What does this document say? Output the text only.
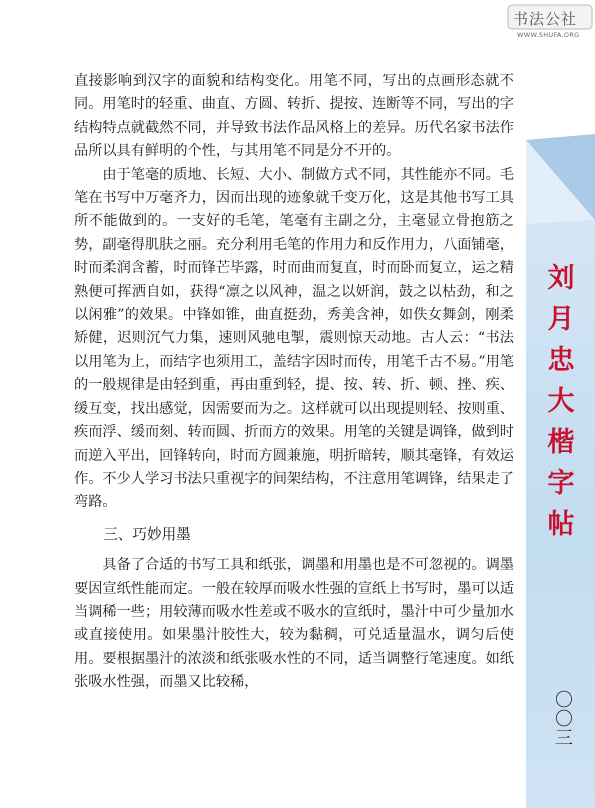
书法公社
WWW.SHUFA.ORG
刘
月
忠
大
楷
字
帖
〇〇三

直接影响到汉字的面貌和结构变化。用笔不同，写出的点画形态就不同。用笔时的轻重、曲直、方圆、转折、提按、连断等不同，写出的字结构特点就截然不同，并导致书法作品风格上的差异。历代名家书法作品所以具有鲜明的个性，与其用笔不同是分不开的。

由于笔毫的质地、长短、大小、制做方式不同，其性能亦不同。毛笔在书写中万毫齐力，因而出现的迹象就千变万化，这是其他书写工具所不能做到的。一支好的毛笔，笔毫有主副之分，主毫显立骨抱筋之势，副毫得肌肤之丽。充分利用毛笔的作用力和反作用力，八面铺毫，时而柔润含蓄，时而锋芒毕露，时而曲而复直，时而卧而复立，运之精熟便可挥洒自如，获得“凛之以风神，温之以妍润，鼓之以枯劲，和之以闲雅”的效果。中锋如锥，曲直挺劲，秀美含神，如佚女舞剑，刚柔矫健，迟则沉气力集，速则风驰电掣，震则惊天动地。古人云：“书法以用笔为上，而结字也须用工，盖结字因时而传，用笔千古不易。”用笔的一般规律是由轻到重，再由重到轻，提、按、转、折、顿、挫、疾、缓互变，找出感觉，因需要而为之。这样就可以出现提则轻、按则重、疾而浮、缓而刻、转而圆、折而方的效果。用笔的关键是调锋，做到时而逆入平出，回锋转向，时而方圆兼施，明折暗转，顺其毫锋，有效运作。不少人学习书法只重视字的间架结构，不注意用笔调锋，结果走了弯路。

三、巧妙用墨

具备了合适的书写工具和纸张，调墨和用墨也是不可忽视的。调墨要因宣纸性能而定。一般在较厚而吸水性强的宣纸上书写时，墨可以适当调稀一些；用较薄而吸水性差或不吸水的宣纸时，墨汁中可少量加水或直接使用。如果墨汁胶性大，较为黏稠，可兑适量温水，调匀后使用。要根据墨汁的浓淡和纸张吸水性的不同，适当调整行笔速度。如纸张吸水性强，而墨又比较稀，
